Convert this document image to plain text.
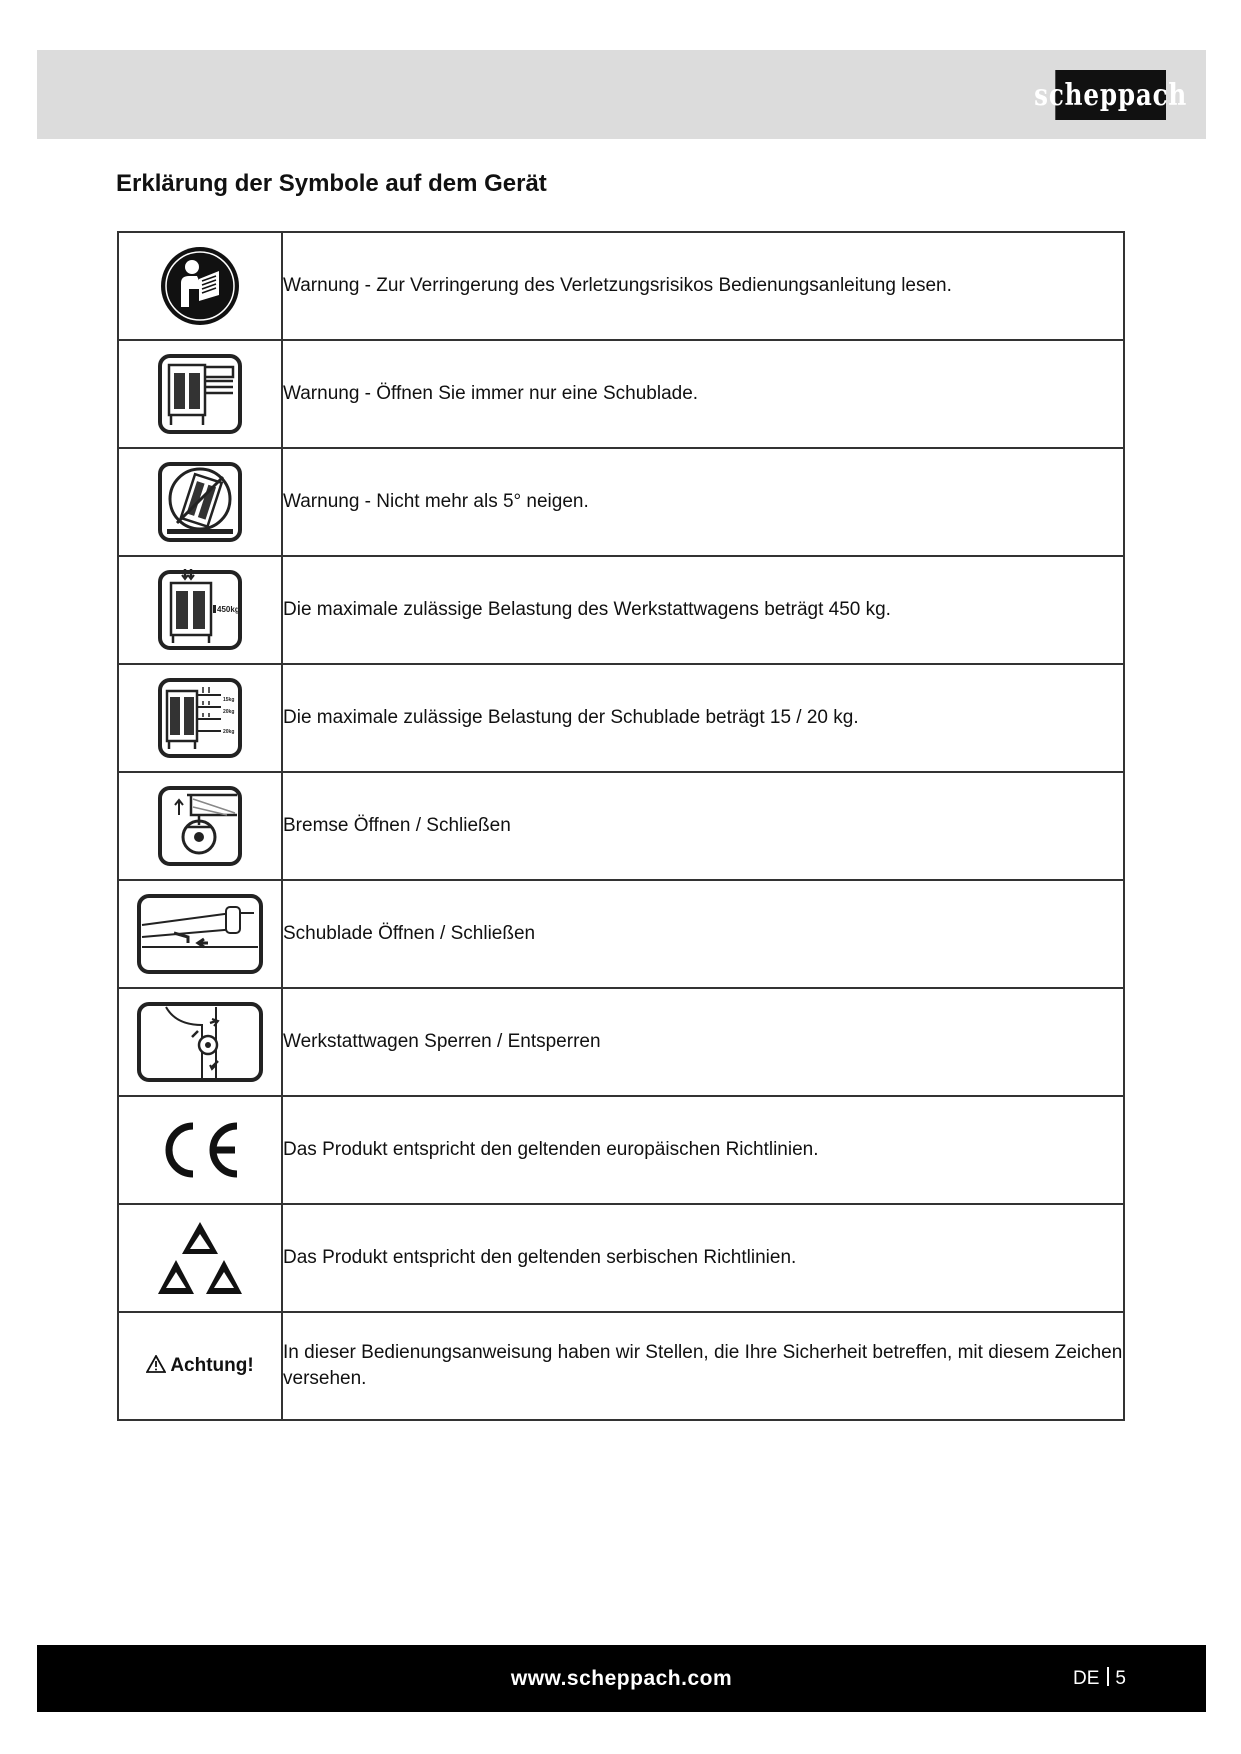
scheppach
Erklärung der Symbole auf dem Gerät
	Warnung - Zur Verringerung des Verletzungsrisikos Bedienungsanleitung lesen.

	Warnung - Öffnen Sie immer nur eine Schublade.

	Warnung - Nicht mehr als 5° neigen.

450kg	Die maximale zulässige Belastung des Werkstattwagens beträgt 450 kg.

15kg
20kg
20kg	Die maximale zulässige Belastung der Schublade beträgt 15 / 20 kg.

	Bremse Öffnen / Schließen

	Schublade Öffnen / Schließen

	Werkstattwagen Sperren / Entsperren

	Das Produkt entspricht den geltenden europäischen Richtlinien.

	Das Produkt entspricht den geltenden serbischen Richtlinien.
Achtung!	In dieser Bedienungsanweisung haben wir Stellen, die Ihre Sicherheit betreffen, mit diesem Zeichen versehen.
www.scheppach.com	DE 5
